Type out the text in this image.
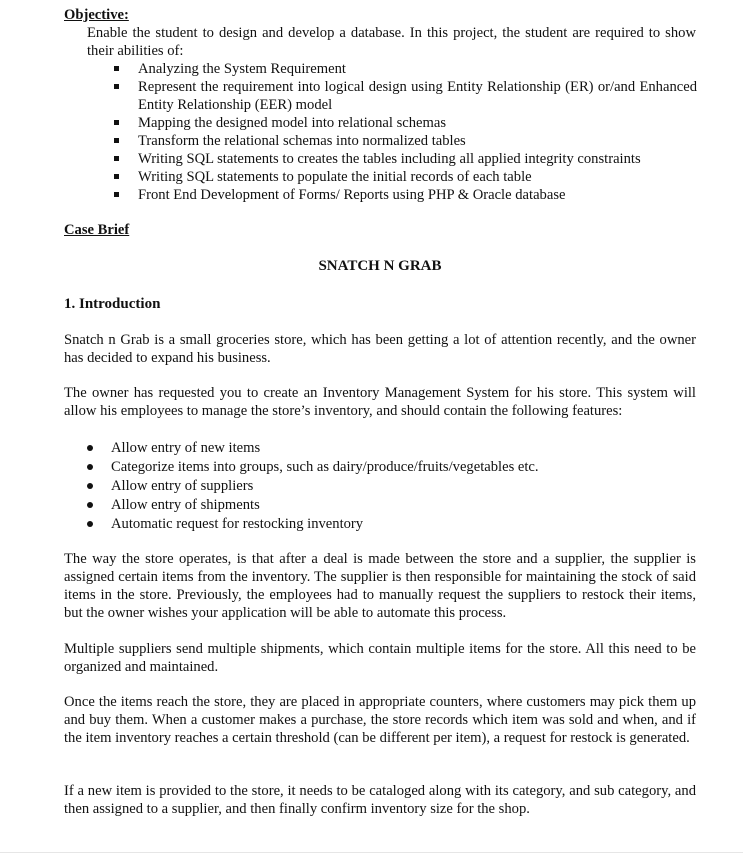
Objective:

Enable the student to design and develop a database. In this project, the student are required to show their abilities of:

Analyzing the System Requirement
Represent the requirement into logical design using Entity Relationship (ER) or/and Enhanced Entity Relationship (EER) model
Mapping the designed model into relational schemas
Transform the relational schemas into normalized tables
Writing SQL statements to creates the tables including all applied integrity constraints
Writing SQL statements to populate the initial records of each table
Front End Development of Forms/ Reports using PHP & Oracle database
Case Brief
SNATCH N GRAB
1. Introduction

Snatch n Grab is a small groceries store, which has been getting a lot of attention recently, and the owner has decided to expand his business.

The owner has requested you to create an Inventory Management System for his store. This system will allow his employees to manage the store’s inventory, and should contain the following features:

Allow entry of new items
Categorize items into groups, such as dairy/produce/fruits/vegetables etc.
Allow entry of suppliers
Allow entry of shipments
Automatic request for restocking inventory

The way the store operates, is that after a deal is made between the store and a supplier, the supplier is assigned certain items from the inventory. The supplier is then responsible for maintaining the stock of said items in the store. Previously, the employees had to manually request the suppliers to restock their items, but the owner wishes your application will be able to automate this process.

Multiple suppliers send multiple shipments, which contain multiple items for the store. All this need to be organized and maintained.

Once the items reach the store, they are placed in appropriate counters, where customers may pick them up and buy them. When a customer makes a purchase, the store records which item was sold and when, and if the item inventory reaches a certain threshold (can be different per item), a request for restock is generated.

If a new item is provided to the store, it needs to be cataloged along with its category, and sub category, and then assigned to a supplier, and then finally confirm inventory size for the shop.
